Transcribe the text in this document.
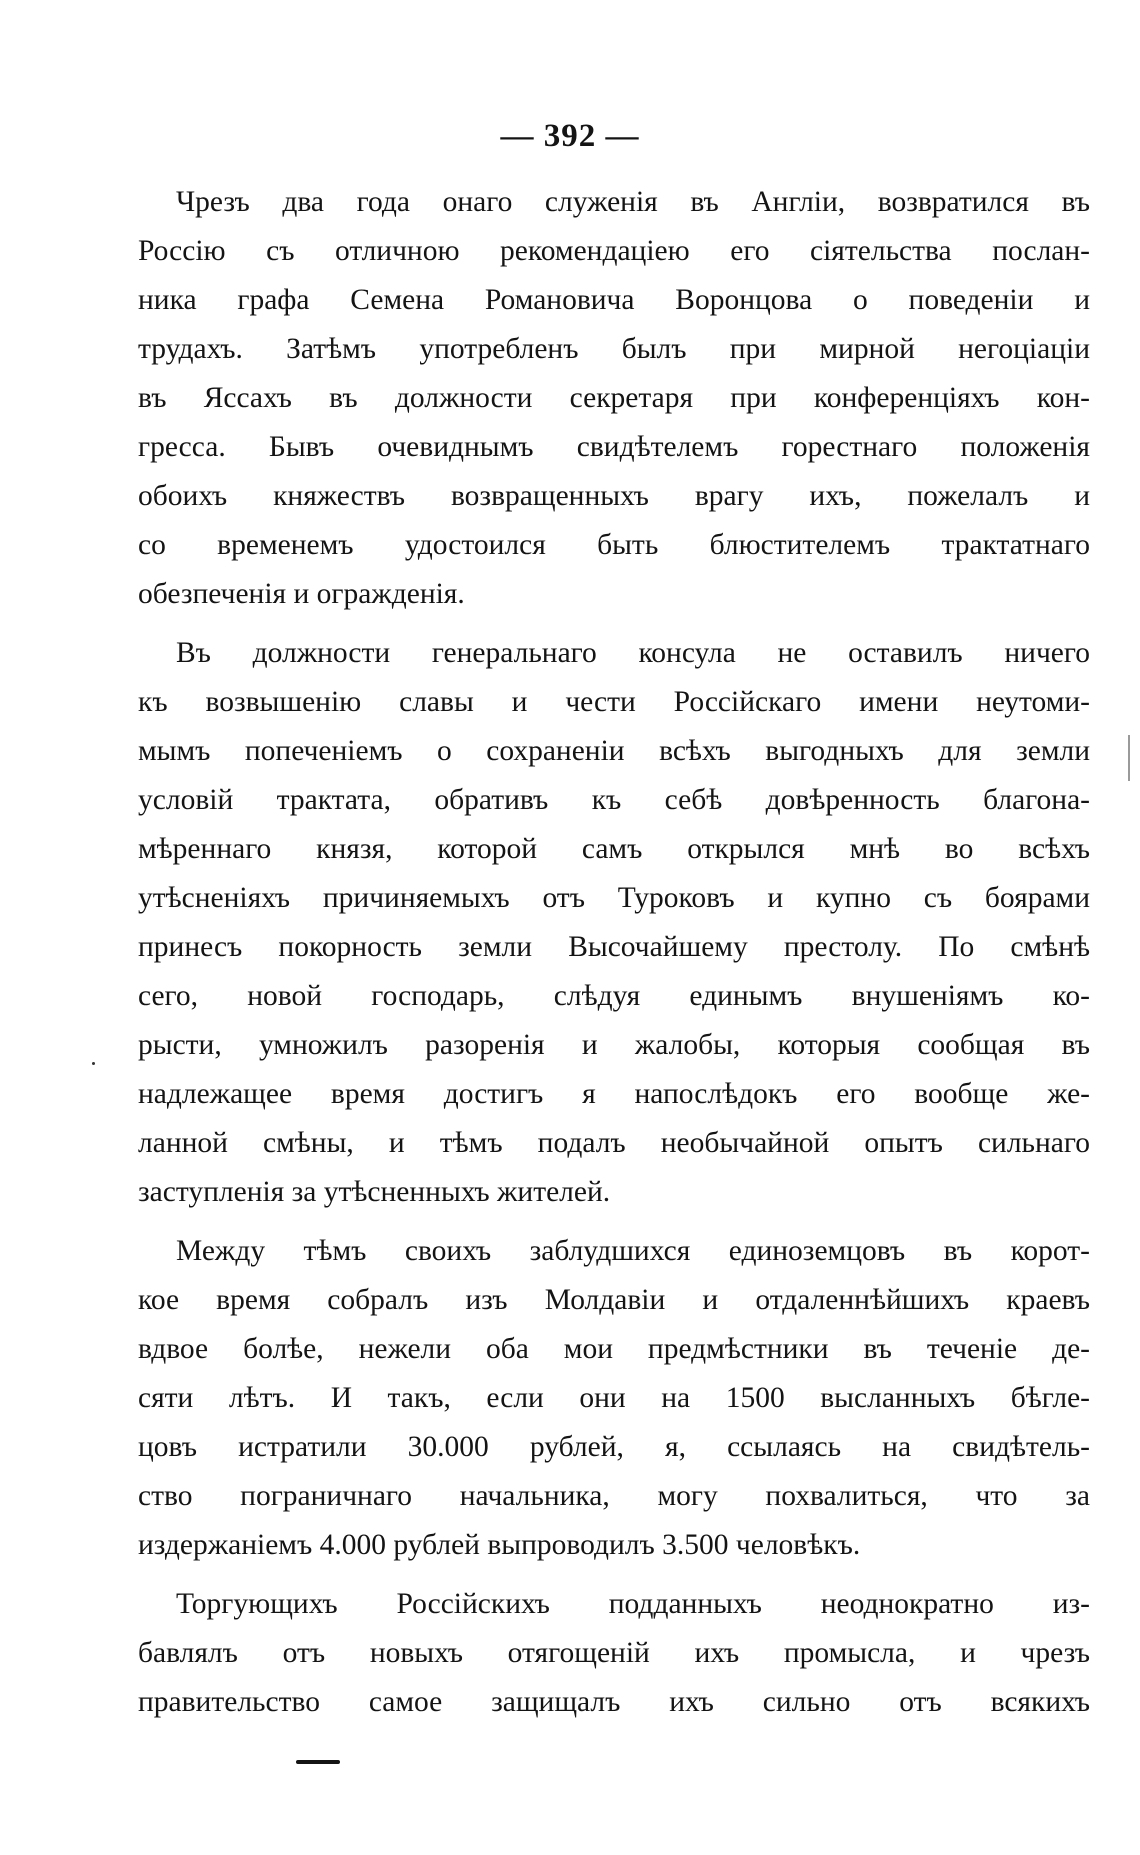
— 392 —
Чрезъ два года онаго служенія въ Англіи, возвратился въ
Россію съ отличною рекомендаціею его сіятельства послан-
ника графа Семена Романовича Воронцова о поведеніи и
трудахъ. Затѣмъ употребленъ былъ при мирной негоціаціи
въ Яссахъ въ должности секретаря при конференціяхъ кон-
гресса. Бывъ очевиднымъ свидѣтелемъ горестнаго положенія
обоихъ княжествъ возвращенныхъ врагу ихъ, пожелалъ и
со временемъ удостоился быть блюстителемъ трактатнаго
обезпеченія и огражденія.
Въ должности генеральнаго консула не оставилъ ничего
къ возвышенію славы и чести Россійскаго имени неутоми-
мымъ попеченіемъ о сохраненіи всѣхъ выгодныхъ для земли
условій трактата, обративъ къ себѣ довѣренность благона-
мѣреннаго князя, которой самъ открылся мнѣ во всѣхъ
утѣсненіяхъ причиняемыхъ отъ Туроковъ и купно съ боярами
принесъ покорность земли Высочайшему престолу. По смѣнѣ
сего, новой господарь, слѣдуя единымъ внушеніямъ ко-
рысти, умножилъ разоренія и жалобы, которыя сообщая въ
надлежащее время достигъ я напослѣдокъ его вообще же-
ланной смѣны, и тѣмъ подалъ необычайной опытъ сильнаго
заступленія за утѣсненныхъ жителей.
Между тѣмъ своихъ заблудшихся единоземцовъ въ корот-
кое время собралъ изъ Молдавіи и отдаленнѣйшихъ краевъ
вдвое болѣе, нежели оба мои предмѣстники въ теченіе де-
сяти лѣтъ. И такъ, если они на 1500 высланныхъ бѣгле-
цовъ истратили 30.000 рублей, я, ссылаясь на свидѣтель-
ство пограничнаго начальника, могу похвалиться, что за
издержаніемъ 4.000 рублей выпроводилъ 3.500 человѣкъ.
Торгующихъ Россійскихъ подданныхъ неоднократно из-
бавлялъ отъ новыхъ отягощеній ихъ промысла, и чрезъ
правительство самое защищалъ ихъ сильно отъ всякихъ
